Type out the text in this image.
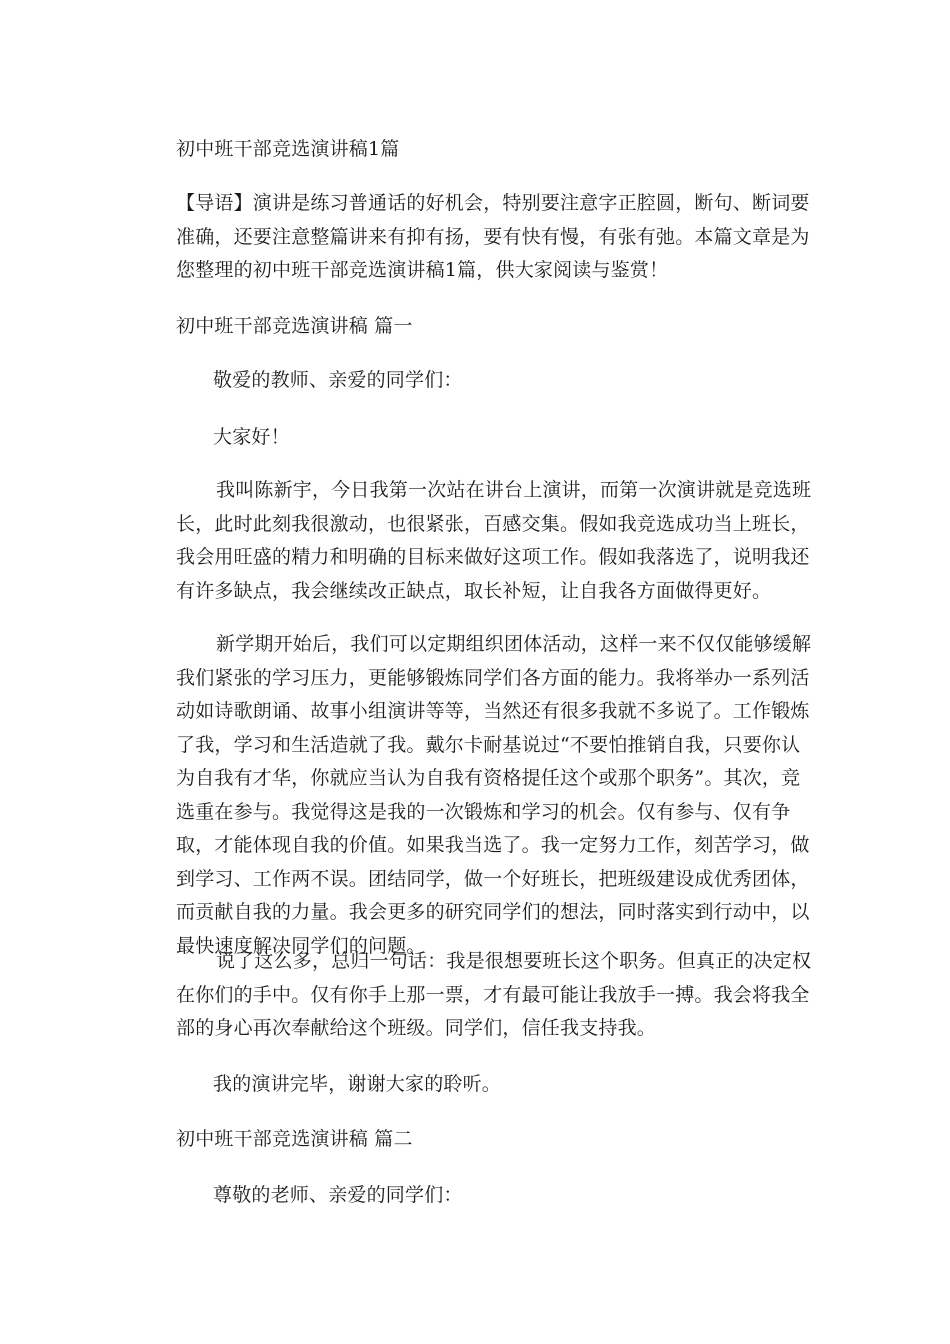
初中班干部竞选演讲稿1篇
【导语】演讲是练习普通话的好机会，特别要注意字正腔圆，断句、断词要准确，还要注意整篇讲来有抑有扬，要有快有慢，有张有弛。本篇文章是为您整理的初中班干部竞选演讲稿1篇，供大家阅读与鉴赏！
初中班干部竞选演讲稿 篇一
敬爱的教师、亲爱的同学们：
大家好！
我叫陈新宇，今日我第一次站在讲台上演讲，而第一次演讲就是竞选班长，此时此刻我很激动，也很紧张，百感交集。假如我竞选成功当上班长，我会用旺盛的精力和明确的目标来做好这项工作。假如我落选了，说明我还有许多缺点，我会继续改正缺点，取长补短，让自我各方面做得更好。
新学期开始后，我们可以定期组织团体活动，这样一来不仅仅能够缓解我们紧张的学习压力，更能够锻炼同学们各方面的能力。我将举办一系列活动如诗歌朗诵、故事小组演讲等等，当然还有很多我就不多说了。工作锻炼了我，学习和生活造就了我。戴尔卡耐基说过“不要怕推销自我，只要你认为自我有才华，你就应当认为自我有资格提任这个或那个职务”。其次，竞选重在参与。我觉得这是我的一次锻炼和学习的机会。仅有参与、仅有争取，才能体现自我的价值。如果我当选了。我一定努力工作，刻苦学习，做到学习、工作两不误。团结同学，做一个好班长，把班级建设成优秀团体，而贡献自我的力量。我会更多的研究同学们的想法，同时落实到行动中，以最快速度解决同学们的问题。
说了这么多，总归一句话：我是很想要班长这个职务。但真正的决定权在你们的手中。仅有你手上那一票，才有最可能让我放手一搏。我会将我全部的身心再次奉献给这个班级。同学们，信任我支持我。
我的演讲完毕，谢谢大家的聆听。
初中班干部竞选演讲稿 篇二
尊敬的老师、亲爱的同学们：
